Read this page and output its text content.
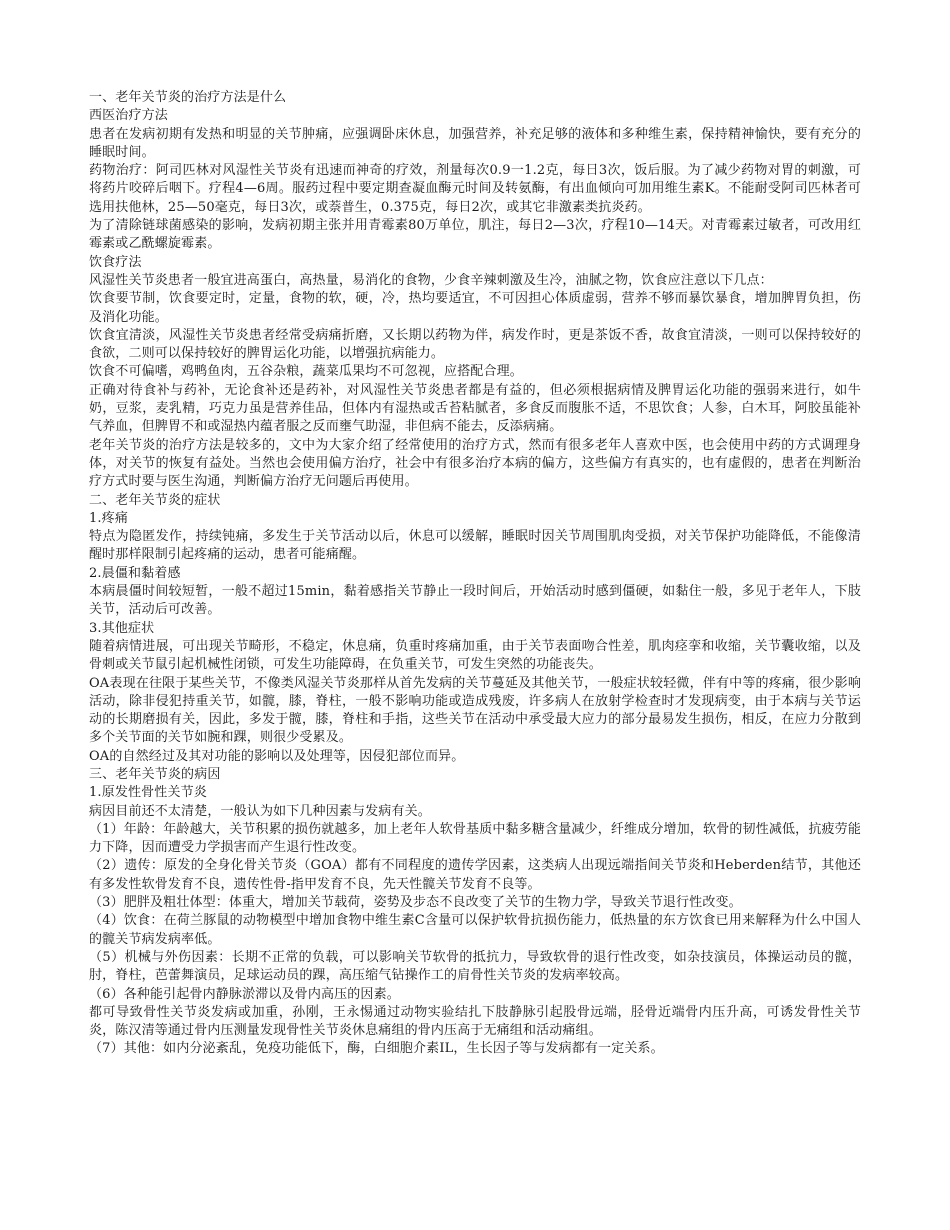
一、老年关节炎的治疗方法是什么

西医治疗方法

患者在发病初期有发热和明显的关节肿痛，应强调卧床休息，加强营养，补充足够的液体和多种维生素，保持精神愉快，要有充分的睡眠时间。

药物治疗：阿司匹林对风湿性关节炎有迅速而神奇的疗效，剂量每次0.9一1.2克，每日3次，饭后服。为了减少药物对胃的刺激，可将药片咬碎后咽下。疗程4—6周。服药过程中要定期查凝血酶元时间及转氨酶，有出血倾向可加用维生素K。不能耐受阿司匹林者可选用扶他林，25—50毫克，每日3次，或萘普生，0.375克，每日2次，或其它非激素类抗炎药。

为了清除链球菌感染的影响，发病初期主张并用青霉素80万单位，肌注，每日2—3次，疗程10—14天。对青霉素过敏者，可改用红霉素或乙酰螺旋霉素。

饮食疗法

风湿性关节炎患者一般宜进高蛋白，高热量，易消化的食物，少食辛辣刺激及生冷，油腻之物，饮食应注意以下几点：

饮食要节制，饮食要定时，定量，食物的软，硬，冷，热均要适宜，不可因担心体质虚弱，营养不够而暴饮暴食，增加脾胃负担，伤及消化功能。

饮食宜清淡，风湿性关节炎患者经常受病痛折磨，又长期以药物为伴，病发作时，更是茶饭不香，故食宜清淡，一则可以保持较好的食欲，二则可以保持较好的脾胃运化功能，以增强抗病能力。

饮食不可偏嗜，鸡鸭鱼肉，五谷杂粮，蔬菜瓜果均不可忽视，应搭配合理。

正确对待食补与药补，无论食补还是药补，对风湿性关节炎患者都是有益的，但必须根据病情及脾胃运化功能的强弱来进行，如牛奶，豆浆，麦乳精，巧克力虽是营养佳品，但体内有湿热或舌苔粘腻者，多食反而腹胀不适，不思饮食；人参，白木耳，阿胶虽能补气养血，但脾胃不和或湿热内蕴者服之反而壅气助湿，非但病不能去，反添病痛。

老年关节炎的治疗方法是较多的，文中为大家介绍了经常使用的治疗方式，然而有很多老年人喜欢中医，也会使用中药的方式调理身体，对关节的恢复有益处。当然也会使用偏方治疗，社会中有很多治疗本病的偏方，这些偏方有真实的，也有虚假的，患者在判断治疗方式时要与医生沟通，判断偏方治疗无问题后再使用。

二、老年关节炎的症状

1.疼痛

特点为隐匿发作，持续钝痛，多发生于关节活动以后，休息可以缓解，睡眠时因关节周围肌肉受损，对关节保护功能降低，不能像清醒时那样限制引起疼痛的运动，患者可能痛醒。

2.晨僵和黏着感

本病晨僵时间较短暂，一般不超过15min，黏着感指关节静止一段时间后，开始活动时感到僵硬，如黏住一般，多见于老年人，下肢关节，活动后可改善。

3.其他症状

随着病情进展，可出现关节畸形，不稳定，休息痛，负重时疼痛加重，由于关节表面吻合性差，肌肉痉挛和收缩，关节囊收缩，以及骨刺或关节鼠引起机械性闭锁，可发生功能障碍，在负重关节，可发生突然的功能丧失。

OA表现在往限于某些关节，不像类风湿关节炎那样从首先发病的关节蔓延及其他关节，一般症状较轻微，伴有中等的疼痛，很少影响活动，除非侵犯持重关节，如髋，膝，脊柱，一般不影响功能或造成残废，许多病人在放射学检查时才发现病变，由于本病与关节运动的长期磨损有关，因此，多发于髋，膝，脊柱和手指，这些关节在活动中承受最大应力的部分最易发生损伤，相反，在应力分散到多个关节面的关节如腕和踝，则很少受累及。

OA的自然经过及其对功能的影响以及处理等，因侵犯部位而异。

三、老年关节炎的病因

1.原发性骨性关节炎

病因目前还不太清楚，一般认为如下几种因素与发病有关。

（1）年龄：年龄越大，关节积累的损伤就越多，加上老年人软骨基质中黏多糖含量减少，纤维成分增加，软骨的韧性减低，抗疲劳能力下降，因而遭受力学损害而产生退行性改变。

（2）遗传：原发的全身化骨关节炎（GOA）都有不同程度的遗传学因素，这类病人出现远端指间关节炎和Heberden结节，其他还有多发性软骨发育不良，遗传性骨-指甲发育不良，先天性髋关节发育不良等。

（3）肥胖及粗壮体型：体重大，增加关节载荷，姿势及步态不良改变了关节的生物力学，导致关节退行性改变。

（4）饮食：在荷兰豚鼠的动物模型中增加食物中维生素C含量可以保护软骨抗损伤能力，低热量的东方饮食已用来解释为什么中国人的髋关节病发病率低。

（5）机械与外伤因素：长期不正常的负载，可以影响关节软骨的抵抗力，导致软骨的退行性改变，如杂技演员，体操运动员的髋，肘，脊柱，芭蕾舞演员，足球运动员的踝，高压缩气钻操作工的肩骨性关节炎的发病率较高。

（6）各种能引起骨内静脉淤滞以及骨内高压的因素。

都可导致骨性关节炎发病或加重，孙刚，王永惕通过动物实验结扎下肢静脉引起股骨远端，胫骨近端骨内压升高，可诱发骨性关节炎，陈汉清等通过骨内压测量发现骨性关节炎休息痛组的骨内压高于无痛组和活动痛组。

（7）其他：如内分泌紊乱，免疫功能低下，酶，白细胞介素IL，生长因子等与发病都有一定关系。
